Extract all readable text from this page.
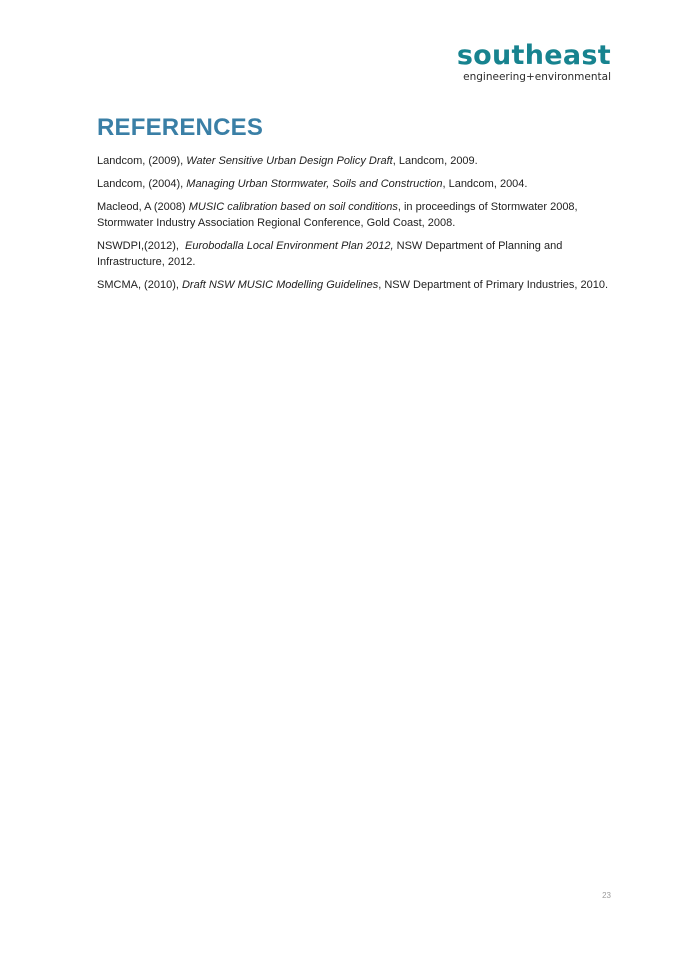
southeast
engineering+environmental
REFERENCES
Landcom, (2009), Water Sensitive Urban Design Policy Draft, Landcom, 2009.
Landcom, (2004), Managing Urban Stormwater, Soils and Construction, Landcom, 2004.
Macleod, A (2008) MUSIC calibration based on soil conditions, in proceedings of Stormwater 2008, Stormwater Industry Association Regional Conference, Gold Coast, 2008.
NSWDPI,(2012),  Eurobodalla Local Environment Plan 2012, NSW Department of Planning and Infrastructure, 2012.
SMCMA, (2010), Draft NSW MUSIC Modelling Guidelines, NSW Department of Primary Industries, 2010.
23
